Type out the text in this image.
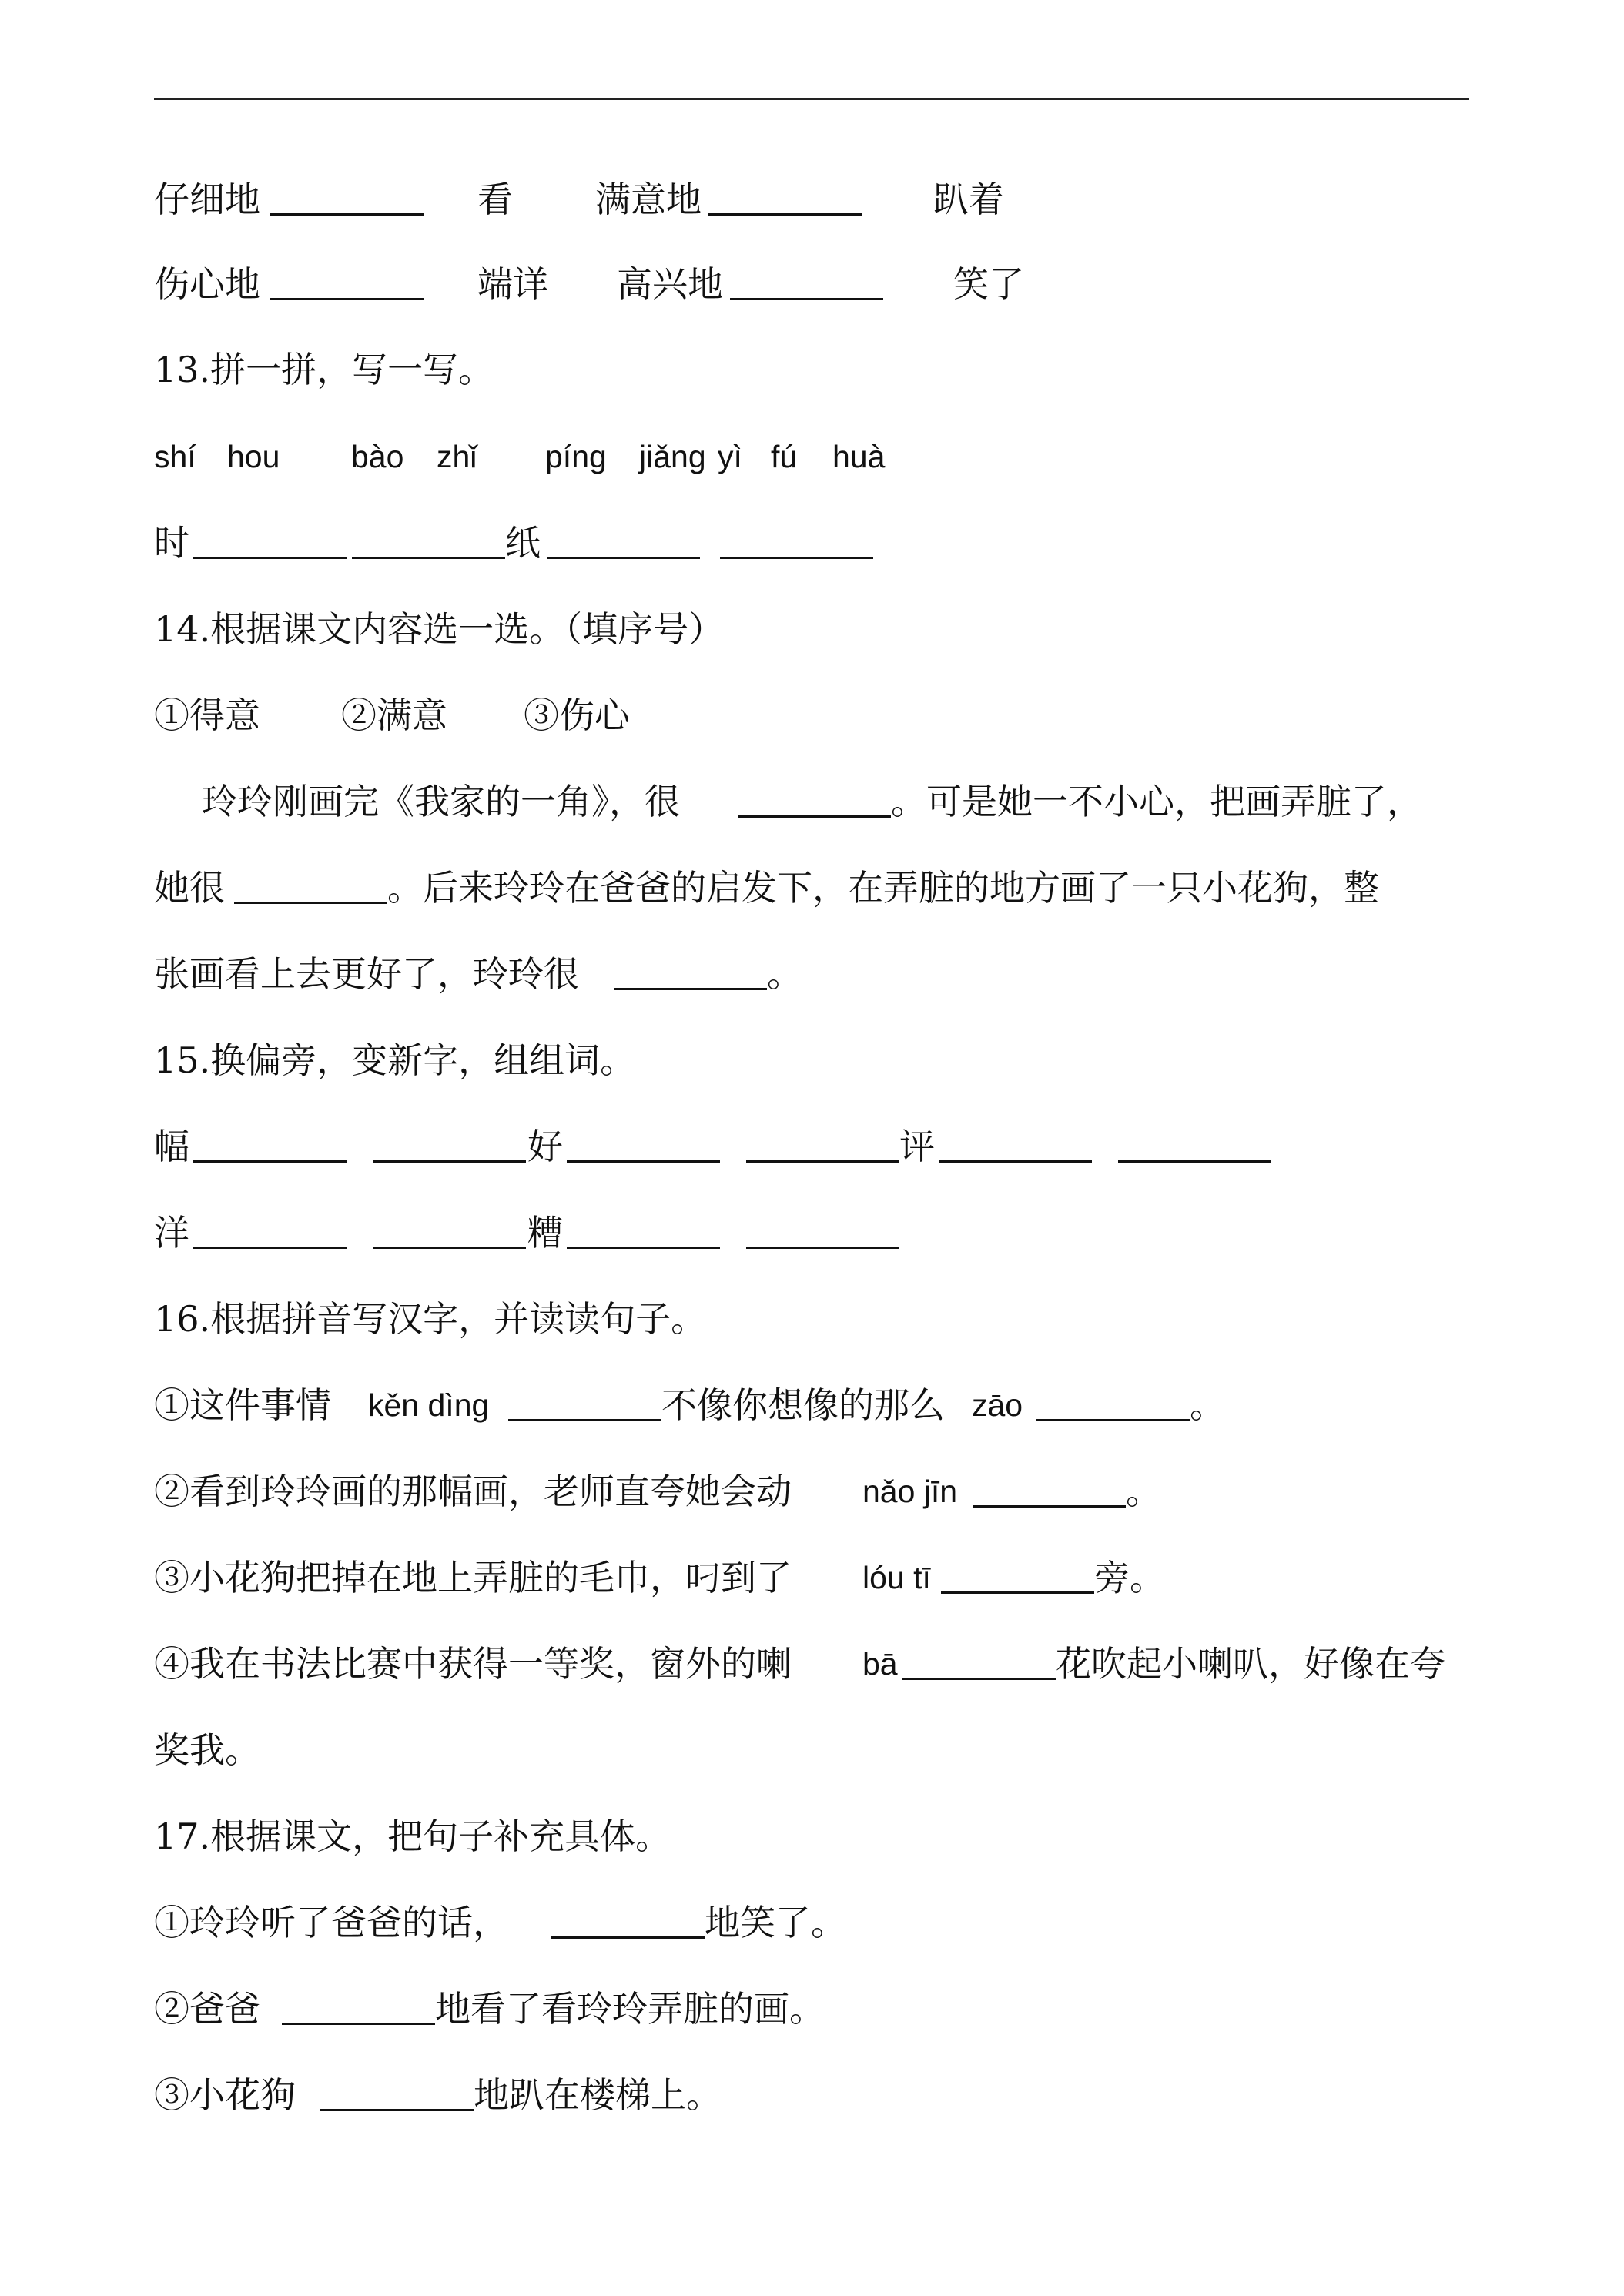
仔细地	看 满意地	趴着
伤心地	端详 高兴地	笑了
13.拼一拼，写一写。
shí hou bào zhǐ píng jiǎng yì fú huà
时	纸
14.根据课文内容选一选。（填序号）
①得意 ②满意 ③伤心
玲玲刚画完《我家的一角》，很	。可是她一不小心，把画弄脏了，
她很	。后来玲玲在爸爸的启发下，在弄脏的地方画了一只小花狗，整
张画看上去更好了，玲玲很	。
15.换偏旁，变新字，组组词。
幅	好	评
洋	糟
16.根据拼音写汉字，并读读句子。
①这件事情 kěn dìng	不像你想像的那么 zāo	。
②看到玲玲画的那幅画，老师直夸她会动 nǎo jīn	。
③小花狗把掉在地上弄脏的毛巾，叼到了 lóu tī	旁。
④我在书法比赛中获得一等奖，窗外的喇 bā	花吹起小喇叭，好像在夸
奖我。
17.根据课文，把句子补充具体。
①玲玲听了爸爸的话，	地笑了。
②爸爸	地看了看玲玲弄脏的画。
③小花狗	地趴在楼梯上。
